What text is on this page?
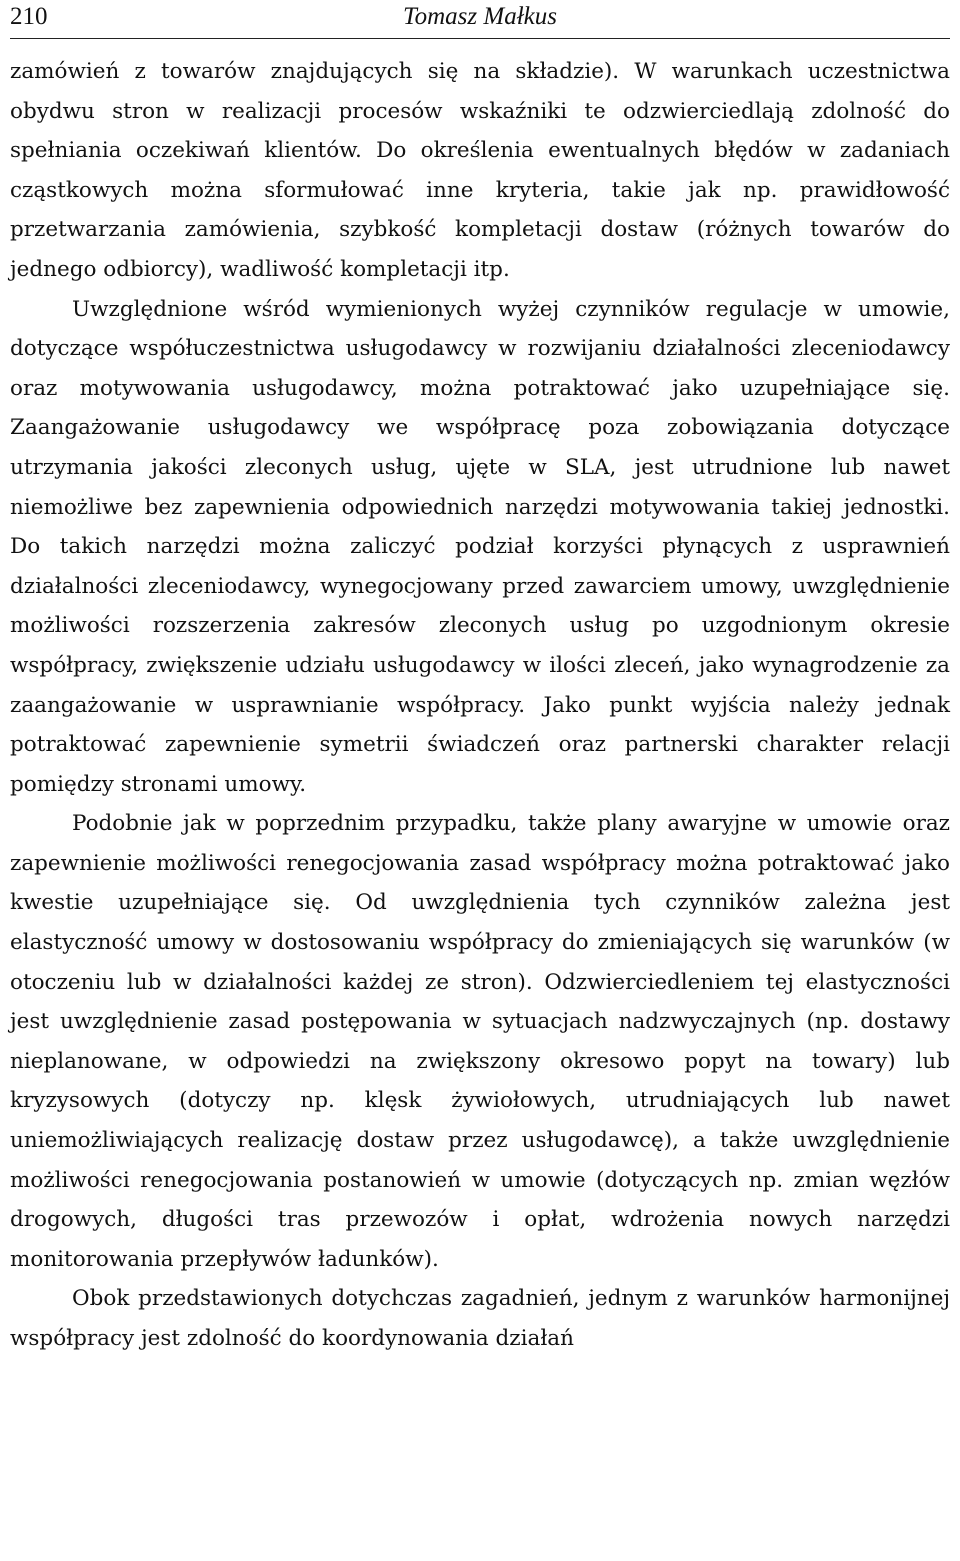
210	Tomasz Małkus

zamówień z towarów znajdujących się na składzie). W warunkach uczestnictwa obydwu stron w realizacji procesów wskaźniki te odzwierciedlają zdolność do spełniania oczekiwań klientów. Do określenia ewentualnych błędów w zadaniach cząstkowych można sformułować inne kryteria, takie jak np. prawidłowość przetwarzania zamówienia, szybkość kompletacji dostaw (różnych towarów do jednego odbiorcy), wadliwość kompletacji itp.

Uwzględnione wśród wymienionych wyżej czynników regulacje w umowie, dotyczące współuczestnictwa usługodawcy w rozwijaniu działalności zleceniodawcy oraz motywowania usługodawcy, można potraktować jako uzupełniające się. Zaangażowanie usługodawcy we współpracę poza zobowiązania dotyczące utrzymania jakości zleconych usług, ujęte w SLA, jest utrudnione lub nawet niemożliwe bez zapewnienia odpowiednich narzędzi motywowania takiej jednostki. Do takich narzędzi można zaliczyć podział korzyści płynących z usprawnień działalności zleceniodawcy, wynegocjowany przed zawarciem umowy, uwzględnienie możliwości rozszerzenia zakresów zleconych usług po uzgodnionym okresie współpracy, zwiększenie udziału usługodawcy w ilości zleceń, jako wynagrodzenie za zaangażowanie w usprawnianie współpracy. Jako punkt wyjścia należy jednak potraktować zapewnienie symetrii świadczeń oraz partnerski charakter relacji pomiędzy stronami umowy.

Podobnie jak w poprzednim przypadku, także plany awaryjne w umowie oraz zapewnienie możliwości renegocjowania zasad współpracy można potraktować jako kwestie uzupełniające się. Od uwzględnienia tych czynników zależna jest elastyczność umowy w dostosowaniu współpracy do zmieniających się warunków (w otoczeniu lub w działalności każdej ze stron). Odzwierciedleniem tej elastyczności jest uwzględnienie zasad postępowania w sytuacjach nadzwyczajnych (np. dostawy nieplanowane, w odpowiedzi na zwiększony okresowo popyt na towary) lub kryzysowych (dotyczy np. klęsk żywiołowych, utrudniających lub nawet uniemożliwiających realizację dostaw przez usługodawcę), a także uwzględnienie możliwości renegocjowania postanowień w umowie (dotyczących np. zmian węzłów drogowych, długości tras przewozów i opłat, wdrożenia nowych narzędzi monitorowania przepływów ładunków).

Obok przedstawionych dotychczas zagadnień, jednym z warunków harmonijnej współpracy jest zdolność do koordynowania działań
